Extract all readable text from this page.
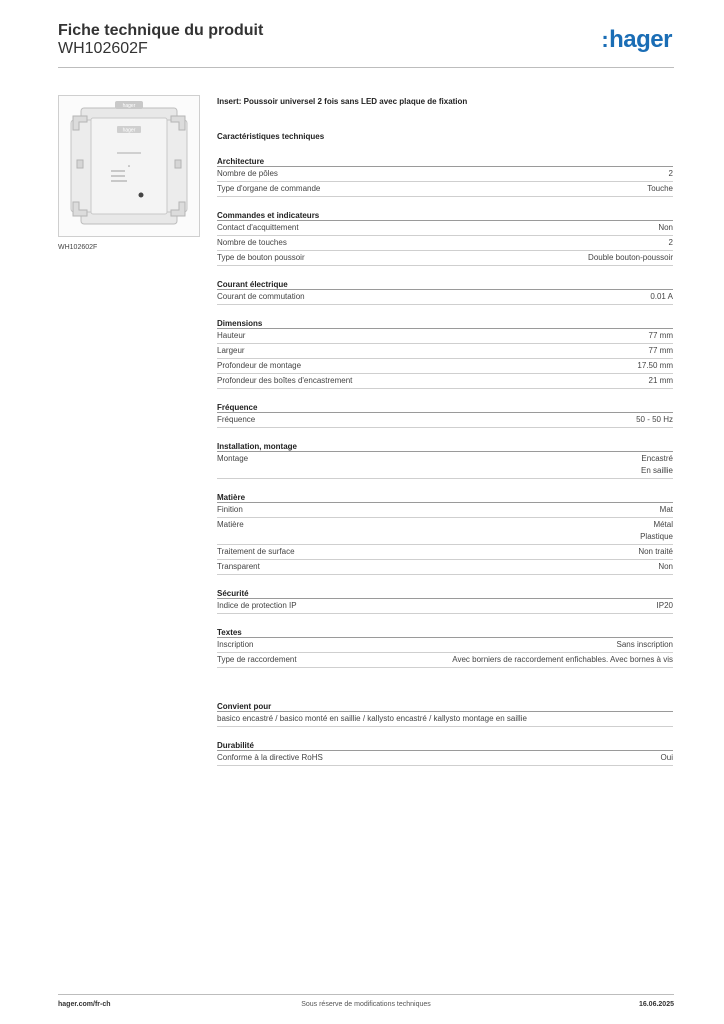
Fiche technique du produit
WH102602F	:hager
hager
hager
WH102602F
Insert: Poussoir universel 2 fois sans LED avec plaque de fixation
Caractéristiques techniques
Architecture
Nombre de pôles	2
Type d'organe de commande	Touche
Commandes et indicateurs
Contact d'acquittement	Non
Nombre de touches	2
Type de bouton poussoir	Double bouton-poussoir
Courant électrique
Courant de commutation	0.01 A
Dimensions
Hauteur	77 mm
Largeur	77 mm
Profondeur de montage	17.50 mm
Profondeur des boîtes d'encastrement	21 mm
Fréquence
Fréquence	50 - 50 Hz
Installation, montage
Montage	Encastré
En saillie
Matière
Finition	Mat
Matière	Métal
Plastique
Traitement de surface	Non traité
Transparent	Non
Sécurité
Indice de protection IP	IP20
Textes
Inscription	Sans inscription
Type de raccordement	Avec borniers de raccordement enfichables. Avec bornes à vis
Convient pour
basico encastré / basico monté en saillie / kallysto encastré / kallysto montage en saillie
Durabilité
Conforme à la directive RoHS	Oui
hager.com/fr-ch	Sous réserve de modifications techniques	16.06.2025
